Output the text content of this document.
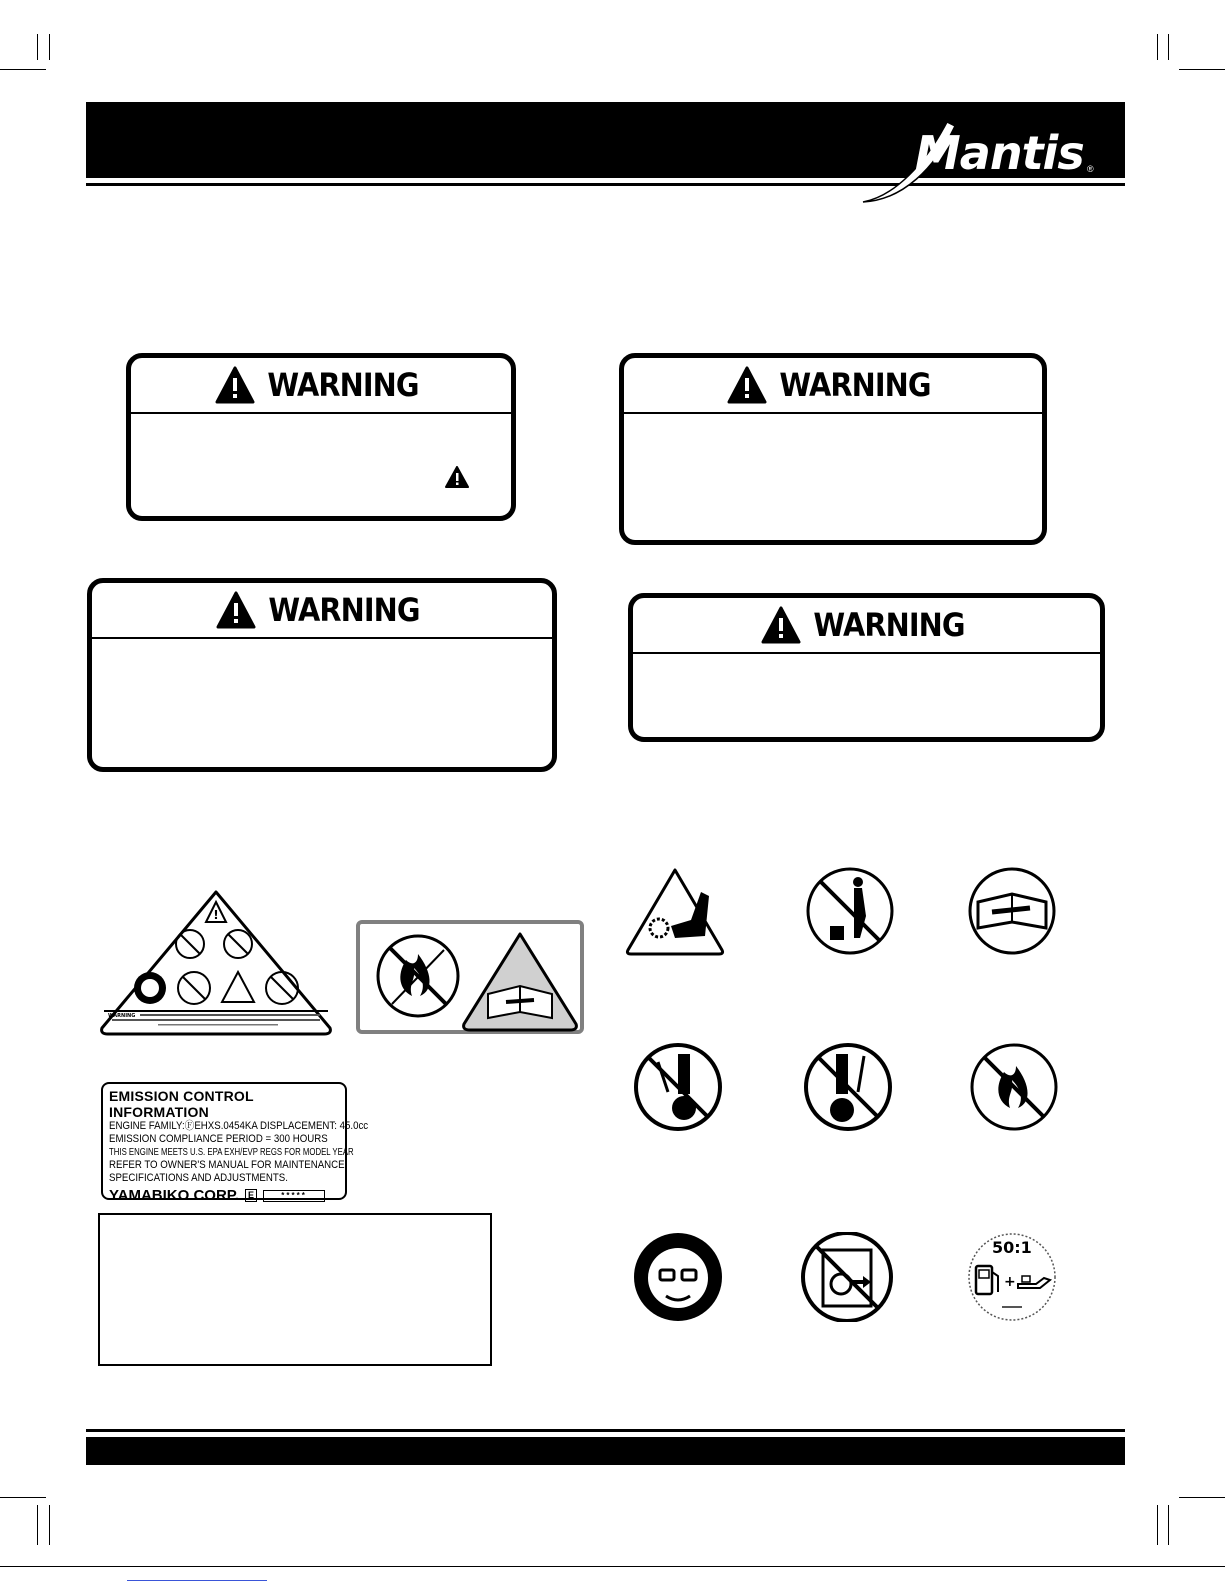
Mantis ®
WARNING	WARNING
WARNING	WARNING
!
WARNING
EMISSION CONTROL INFORMATION
ENGINE FAMILY:ⒻEHXS.0454KA DISPLACEMENT: 45.0cc
EMISSION COMPLIANCE PERIOD = 300 HOURS
THIS ENGINE MEETS U.S. EPA EXH/EVP REGS FOR MODEL YEAR
REFER TO OWNER'S MANUAL FOR MAINTENANCE
SPECIFICATIONS AND ADJUSTMENTS.
YAMABIKO CORP.	E	*****
+
50:1
